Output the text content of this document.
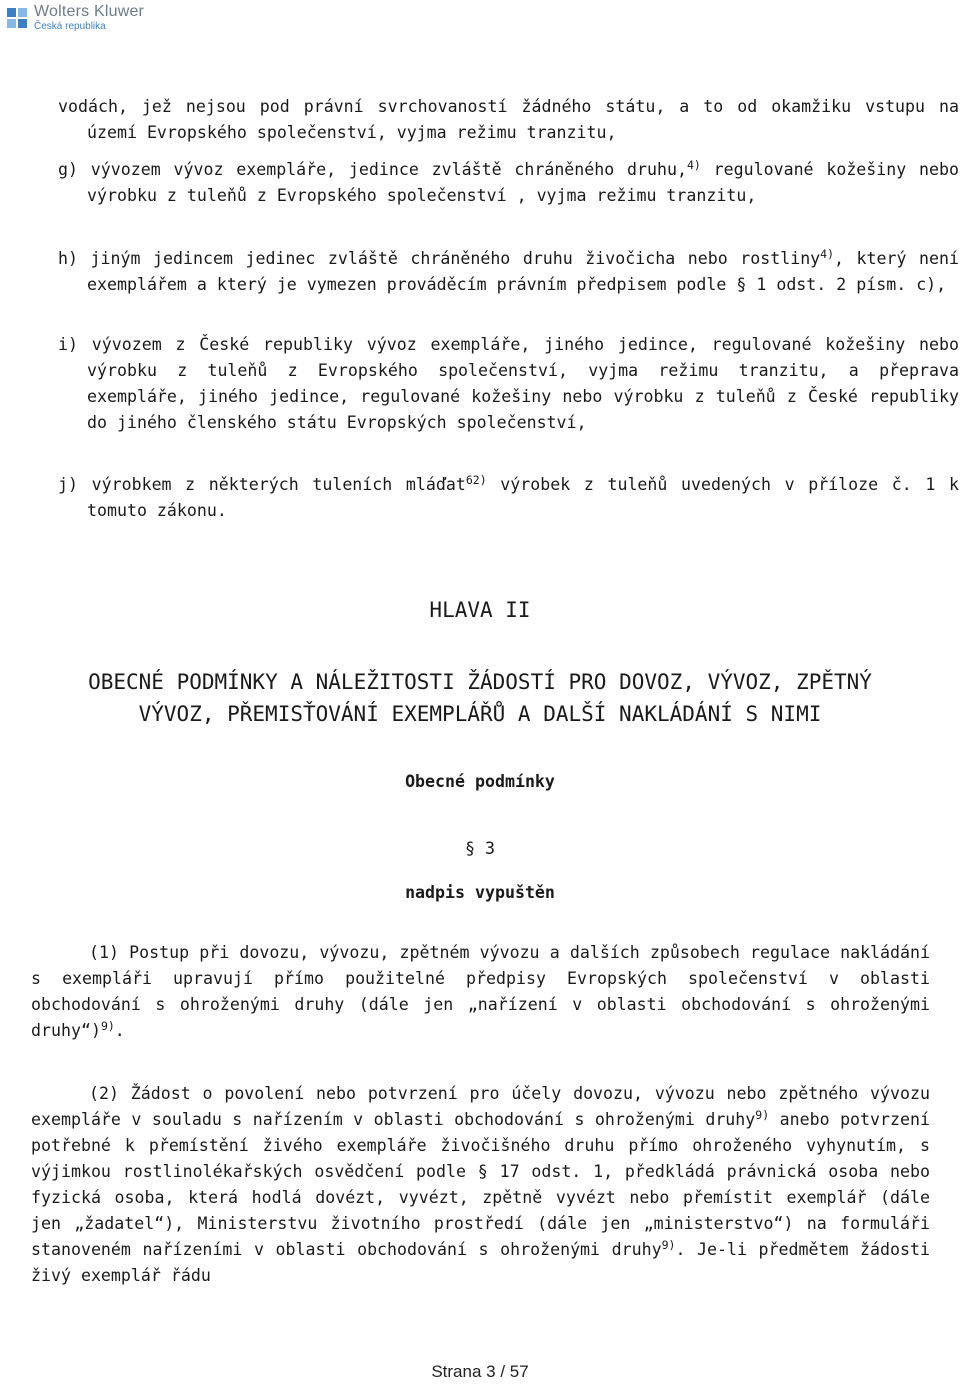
Wolters Kluwer
Česká republika
vodách, jež nejsou pod právní svrchovaností žádného státu, a to od okamžiku vstupu na území Evropského společenství, vyjma režimu tranzitu,
g) vývozem vývoz exempláře, jedince zvláště chráněného druhu,$^{4)}$ regulované kožešiny nebo výrobku z tuleňů z Evropského společenství , vyjma režimu tranzitu,
h) jiným jedincem jedinec zvláště chráněného druhu živočicha nebo rostliny$^{4)}$, který není exemplářem a který je vymezen prováděcím právním předpisem podle § 1 odst. 2 písm. c),
i) vývozem z České republiky vývoz exempláře, jiného jedince, regulované kožešiny nebo výrobku z tuleňů z Evropského společenství, vyjma režimu tranzitu, a přeprava exempláře, jiného jedince, regulované kožešiny nebo výrobku z tuleňů z České republiky do jiného členského státu Evropských společenství,
j) výrobkem z některých tuleních mláďat$^{62)}$ výrobek z tuleňů uvedených v příloze č. 1 k tomuto zákonu.
HLAVA II
OBECNÉ PODMÍNKY A NÁLEŽITOSTI ŽÁDOSTÍ PRO DOVOZ, VÝVOZ, ZPĚTNÝ
VÝVOZ, PŘEMISŤOVÁNÍ EXEMPLÁŘŮ A DALŠÍ NAKLÁDÁNÍ S NIMI
Obecné podmínky
§ 3
nadpis vypuštěn
(1) Postup při dovozu, vývozu, zpětném vývozu a dalších způsobech regulace nakládání s exempláři upravují přímo použitelné předpisy Evropských společenství v oblasti obchodování s ohroženými druhy (dále jen „nařízení v oblasti obchodování s ohroženými druhy“)$^{9)}$.
(2) Žádost o povolení nebo potvrzení pro účely dovozu, vývozu nebo zpětného vývozu exempláře v souladu s nařízením v oblasti obchodování s ohroženými druhy$^{9)}$ anebo potvrzení potřebné k přemístění živého exempláře živočišného druhu přímo ohroženého vyhynutím, s výjimkou rostlinolékařských osvědčení podle § 17 odst. 1, předkládá právnická osoba nebo fyzická osoba, která hodlá dovézt, vyvézt, zpětně vyvézt nebo přemístit exemplář (dále jen „žadatel“), Ministerstvu životního prostředí (dále jen „ministerstvo“) na formuláři stanoveném nařízeními v oblasti obchodování s ohroženými druhy$^{9)}$. Je-li předmětem žádosti živý exemplář řádu
Strana 3 / 57
